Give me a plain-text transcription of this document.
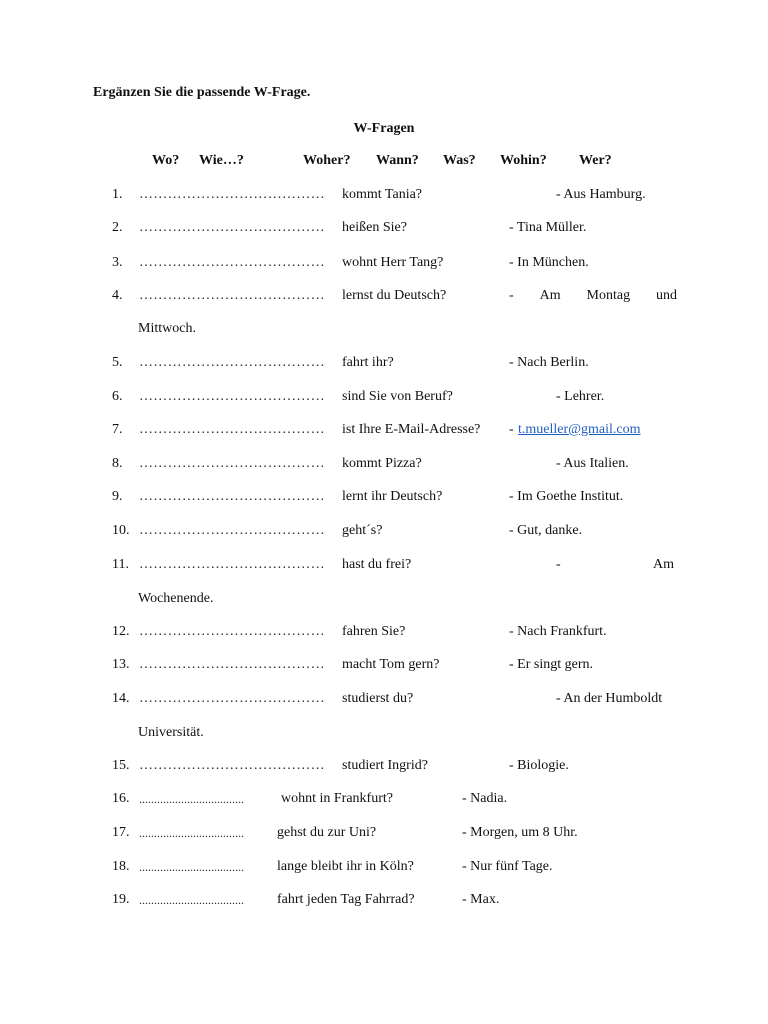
Ergänzen Sie die passende W-Frage.
W-Fragen
Wo? Wie…?	Woher? Wann? Was? Wohin? Wer?
1. ………………………………… kommt Tania?	- Aus Hamburg.
2. ………………………………… heißen Sie?	- Tina Müller.
3. ………………………………… wohnt Herr Tang?	- In München.
4. ………………………………… lernst du Deutsch?	- Am Montag und
Mittwoch.
5. ………………………………… fahrt ihr?	- Nach Berlin.
6. ………………………………… sind Sie von Beruf?	- Lehrer.
7. ………………………………… ist Ihre E-Mail-Adresse? - t.mueller@gmail.com
8. ………………………………… kommt Pizza?	- Aus Italien.
9. ………………………………… lernt ihr Deutsch?	- Im Goethe Institut.
10. ………………………………… geht´s?	- Gut, danke.
11. ………………………………… hast du frei?	-	Am
Wochenende.
12. ………………………………… fahren Sie?	- Nach Frankfurt.
13. ………………………………… macht Tom gern?	- Er singt gern.
14. ………………………………… studierst du?	- An der Humboldt
Universität.
15. ………………………………… studiert Ingrid?	- Biologie.
16. ...................................	wohnt in Frankfurt?	- Nadia.
17. ................................... gehst du zur Uni?	- Morgen, um 8 Uhr.
18. ................................... lange bleibt ihr in Köln?	- Nur fünf Tage.
19. ................................... fahrt jeden Tag Fahrrad?	- Max.
